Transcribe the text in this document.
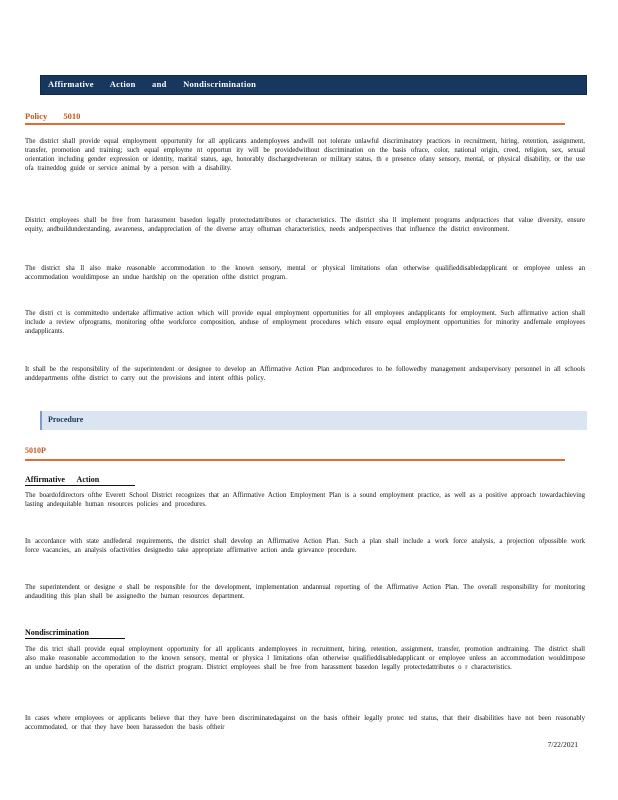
Affirmative Action and Nondiscrimination
Policy 5010

The district shall provide equal employment opportunity for all applicants andemployees andwill not tolerate unlawful discriminatory practices in recruitment, hiring, retention, assignment, transfer, promotion and training; such equal employme nt opportun ity will be providedwithout discrimination on the basis ofrace, color, national origin, creed, religion, sex, sexual orientation including gender expression or identity, marital status, age, honorably dischargedveteran or military status, th e presence ofany sensory, mental, or physical disability, or the use ofa traineddog guide or service animal by a person with a disability.

District employees shall be free from harassment basedon legally protectedattributes or characteristics. The district sha ll implement programs andpractices that value diversity, ensure equity, andbuildunderstanding, awareness, andappreciation of the diverse array ofhuman characteristics, needs andperspectives that influence the district environment.

The district sha ll also make reasonable accommodation to the known sensory, mental or physical limitations ofan otherwise qualifieddisabledapplicant or employee unless an accommodation wouldimpose an undue hardship on the operation ofthe district program.

The distri ct is committedto undertake affirmative action which will provide equal employment opportunities for all employees andapplicants for employment. Such affirmative action shall include a review ofprograms, monitoring ofthe workforce composition, anduse of employment procedures which ensure equal employment opportunities for minority andfemale employees andapplicants.

It shall be the responsibility of the superintendent or designee to develop an Affirmative Action Plan andprocedures to be followedby management andsupervisory personnel in all schools anddepartments ofthe district to carry out the provisions and intent ofthis policy.

Procedure
5010P
Affirmative Action

The boardofdirectors ofthe Everett School District recognizes that an Affirmative Action Employment Plan is a sound employment practice, as well as a positive approach towardachieving lasting andequitable human resources policies and procedures.

In accordance with state andfederal requirements, the district shall develop an Affirmative Action Plan. Such a plan shall include a work force analysis, a projection ofpossible work force vacancies, an analysis ofactivities designedto take appropriate affirmative action anda grievance procedure.

The superintendent or designe e shall be responsible for the development, implementation andannual reporting of the Affirmative Action Plan. The overall responsibility for monitoring andauditing this plan shall be assignedto the human resources department.

Nondiscrimination

The dis trict shall provide equal employment opportunity for all applicants andemployees in recruitment, hiring, retention, assignment, transfer, promotion andtraining. The district shall also make reasonable accommodation to the known sensory, mental or physica l limitations ofan otherwise qualifieddisabledapplicant or employee unless an accommodation wouldimpose an undue hardship on the operation of the district program. District employees shall be free from harassment basedon legally protectedattributes o r characteristics.

In cases where employees or applicants believe that they have been discriminatedagainst on the basis oftheir legally protec ted status, that their disabilities have not been reasonably accommodated, or that they have been harassedon the basis oftheir

7/22/2021
